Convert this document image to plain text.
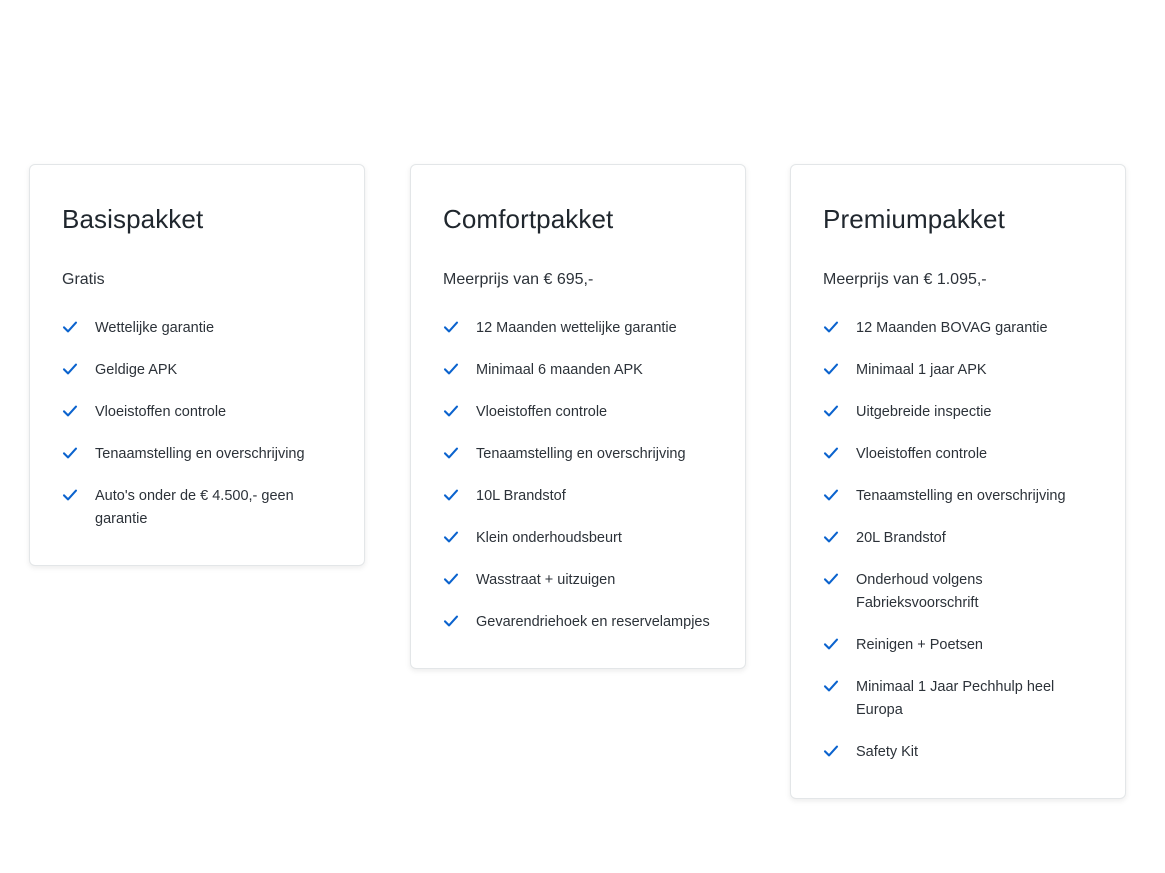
Basispakket
Gratis
Wettelijke garantie
Geldige APK
Vloeistoffen controle
Tenaamstelling en overschrijving
Auto's onder de € 4.500,- geen garantie
Comfortpakket
Meerprijs van € 695,-
12 Maanden wettelijke garantie
Minimaal 6 maanden APK
Vloeistoffen controle
Tenaamstelling en overschrijving
10L Brandstof
Klein onderhoudsbeurt
Wasstraat + uitzuigen
Gevarendriehoek en reservelampjes
Premiumpakket
Meerprijs van € 1.095,-
12 Maanden BOVAG garantie
Minimaal 1 jaar APK
Uitgebreide inspectie
Vloeistoffen controle
Tenaamstelling en overschrijving
20L Brandstof
Onderhoud volgens Fabrieksvoorschrift
Reinigen + Poetsen
Minimaal 1 Jaar Pechhulp heel Europa
Safety Kit
